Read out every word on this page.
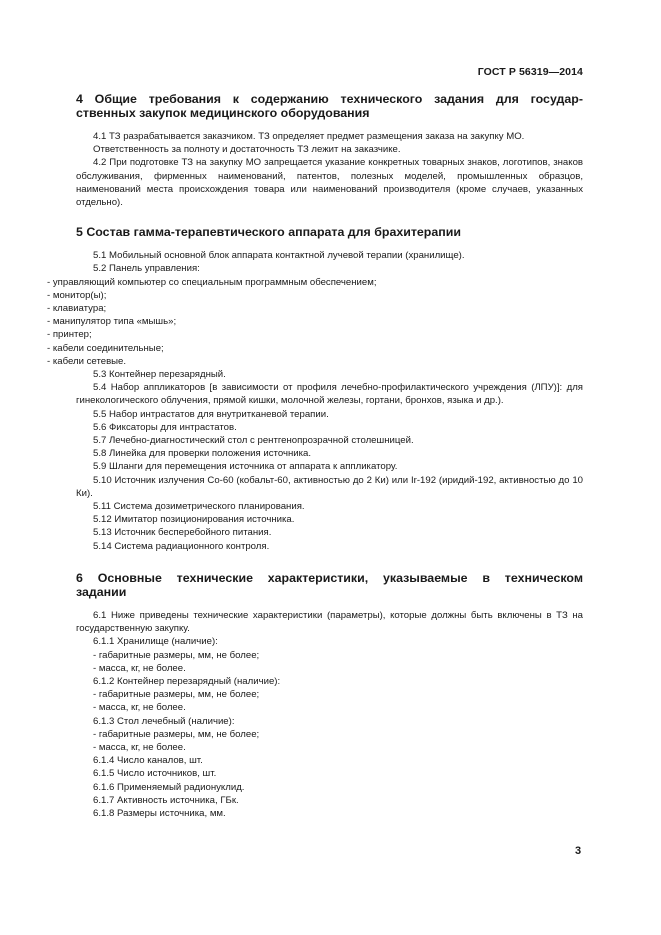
ГОСТ Р 56319—2014
4 Общие требования к содержанию технического задания для государ-
ственных закупок медицинского оборудования

4.1 ТЗ разрабатывается заказчиком. ТЗ определяет предмет размещения заказа на закупку МО.

Ответственность за полноту и достаточность ТЗ лежит на заказчике.

4.2 При подготовке ТЗ на закупку МО запрещается указание конкретных товарных знаков, логотипов, знаков обслуживания, фирменных наименований, патентов, полезных моделей, промышленных образцов, наименований места происхождения товара или наименований производителя (кроме случаев, указанных отдельно).

5 Состав гамма-терапевтического аппарата для брахитерапии

5.1 Мобильный основной блок аппарата контактной лучевой терапии (хранилище).

5.2 Панель управления:

- управляющий компьютер со специальным программным обеспечением;

- монитор(ы);

- клавиатура;

- манипулятор типа «мышь»;

- принтер;

- кабели соединительные;

- кабели сетевые.

5.3 Контейнер перезарядный.

5.4 Набор аппликаторов [в зависимости от профиля лечебно-профилактического учреждения (ЛПУ)]: для гинекологического облучения, прямой кишки, молочной железы, гортани, бронхов, языка и др.).

5.5 Набор интрастатов для внутритканевой терапии.

5.6 Фиксаторы для интрастатов.

5.7 Лечебно-диагностический стол с рентгенопрозрачной столешницей.

5.8 Линейка для проверки положения источника.

5.9 Шланги для перемещения источника от аппарата к аппликатору.

5.10 Источник излучения Со-60 (кобальт-60, активностью до 2 Ки) или Ir-192 (иридий-192, активностью до 10 Ки).

5.11 Система дозиметрического планирования.

5.12 Имитатор позиционирования источника.

5.13 Источник бесперебойного питания.

5.14 Система радиационного контроля.

6 Основные технические характеристики, указываемые в техническом
задании

6.1 Ниже приведены технические характеристики (параметры), которые должны быть включены в ТЗ на государственную закупку.

6.1.1 Хранилище (наличие):

- габаритные размеры, мм, не более;

- масса, кг, не более.

6.1.2 Контейнер перезарядный (наличие):

- габаритные размеры, мм, не более;

- масса, кг, не более.

6.1.3 Стол лечебный (наличие):

- габаритные размеры, мм, не более;

- масса, кг, не более.

6.1.4 Число каналов, шт.

6.1.5 Число источников, шт.

6.1.6 Применяемый радионуклид.

6.1.7 Активность источника, ГБк.

6.1.8 Размеры источника, мм.

3
